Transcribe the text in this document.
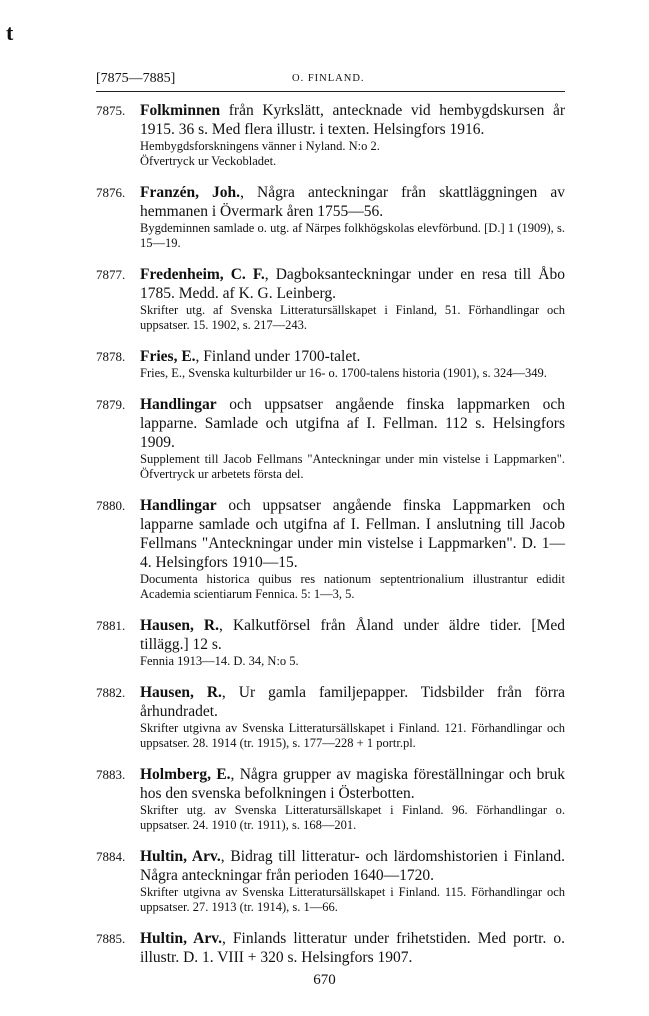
t
[7875—7885]	O. FINLAND.
7875. Folkminnen från Kyrkslätt, antecknade vid hembygdskursen år 1915. 36 s. Med flera illustr. i texten. Helsingfors 1916.
Hembygdsforskningens vänner i Nyland. N:o 2.
Öfvertryck ur Veckobladet.
7876. Franzén, Joh., Några anteckningar från skattläggningen av hemmanen i Övermark åren 1755—56.
Bygdeminnen samlade o. utg. af Närpes folkhögskolas elevförbund. [D.] 1 (1909), s. 15—19.
7877. Fredenheim, C. F., Dagboksanteckningar under en resa till Åbo 1785. Medd. af K. G. Leinberg.
Skrifter utg. af Svenska Litteratursällskapet i Finland, 51. Förhandlingar och uppsatser. 15. 1902, s. 217—243.
7878. Fries, E., Finland under 1700-talet.
Fries, E., Svenska kulturbilder ur 16- o. 1700-talens historia (1901), s. 324—349.
7879. Handlingar och uppsatser angående finska lappmarken och lapparne. Samlade och utgifna af I. Fellman. 112 s. Helsingfors 1909.
Supplement till Jacob Fellmans "Anteckningar under min vistelse i Lappmarken". Öfvertryck ur arbetets första del.
7880. Handlingar och uppsatser angående finska Lappmarken och lapparne samlade och utgifna af I. Fellman. I anslutning till Jacob Fellmans "Anteckningar under min vistelse i Lappmarken". D. 1—4. Helsingfors 1910—15.
Documenta historica quibus res nationum septentrionalium illustrantur edidit Academia scientiarum Fennica. 5: 1—3, 5.
7881. Hausen, R., Kalkutförsel från Åland under äldre tider. [Med tillägg.] 12 s.
Fennia 1913—14. D. 34, N:o 5.
7882. Hausen, R., Ur gamla familjepapper. Tidsbilder från förra århundradet.
Skrifter utgivna av Svenska Litteratursällskapet i Finland. 121. Förhandlingar och uppsatser. 28. 1914 (tr. 1915), s. 177—228 + 1 portr.pl.
7883. Holmberg, E., Några grupper av magiska föreställningar och bruk hos den svenska befolkningen i Österbotten.
Skrifter utg. av Svenska Litteratursällskapet i Finland. 96. Förhandlingar o. uppsatser. 24. 1910 (tr. 1911), s. 168—201.
7884. Hultin, Arv., Bidrag till litteratur- och lärdomshistorien i Finland. Några anteckningar från perioden 1640—1720.
Skrifter utgivna av Svenska Litteratursällskapet i Finland. 115. Förhandlingar och uppsatser. 27. 1913 (tr. 1914), s. 1—66.
7885. Hultin, Arv., Finlands litteratur under frihetstiden. Med portr. o. illustr. D. 1. VIII + 320 s. Helsingfors 1907.
670
